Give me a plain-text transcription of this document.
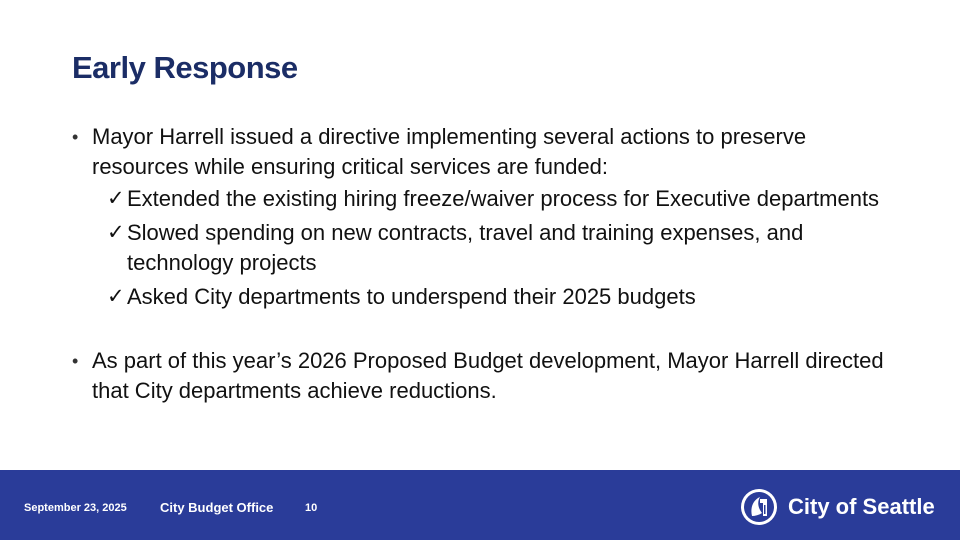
Early Response
• Mayor Harrell issued a directive implementing several actions to preserve resources while ensuring critical services are funded:
✓ Extended the existing hiring freeze/waiver process for Executive departments
✓ Slowed spending on new contracts, travel and training expenses, and technology projects
✓ Asked City departments to underspend their 2025 budgets
• As part of this year’s 2026 Proposed Budget development, Mayor Harrell directed that City departments achieve reductions.
September 23, 2025	City Budget Office	10	City of Seattle
